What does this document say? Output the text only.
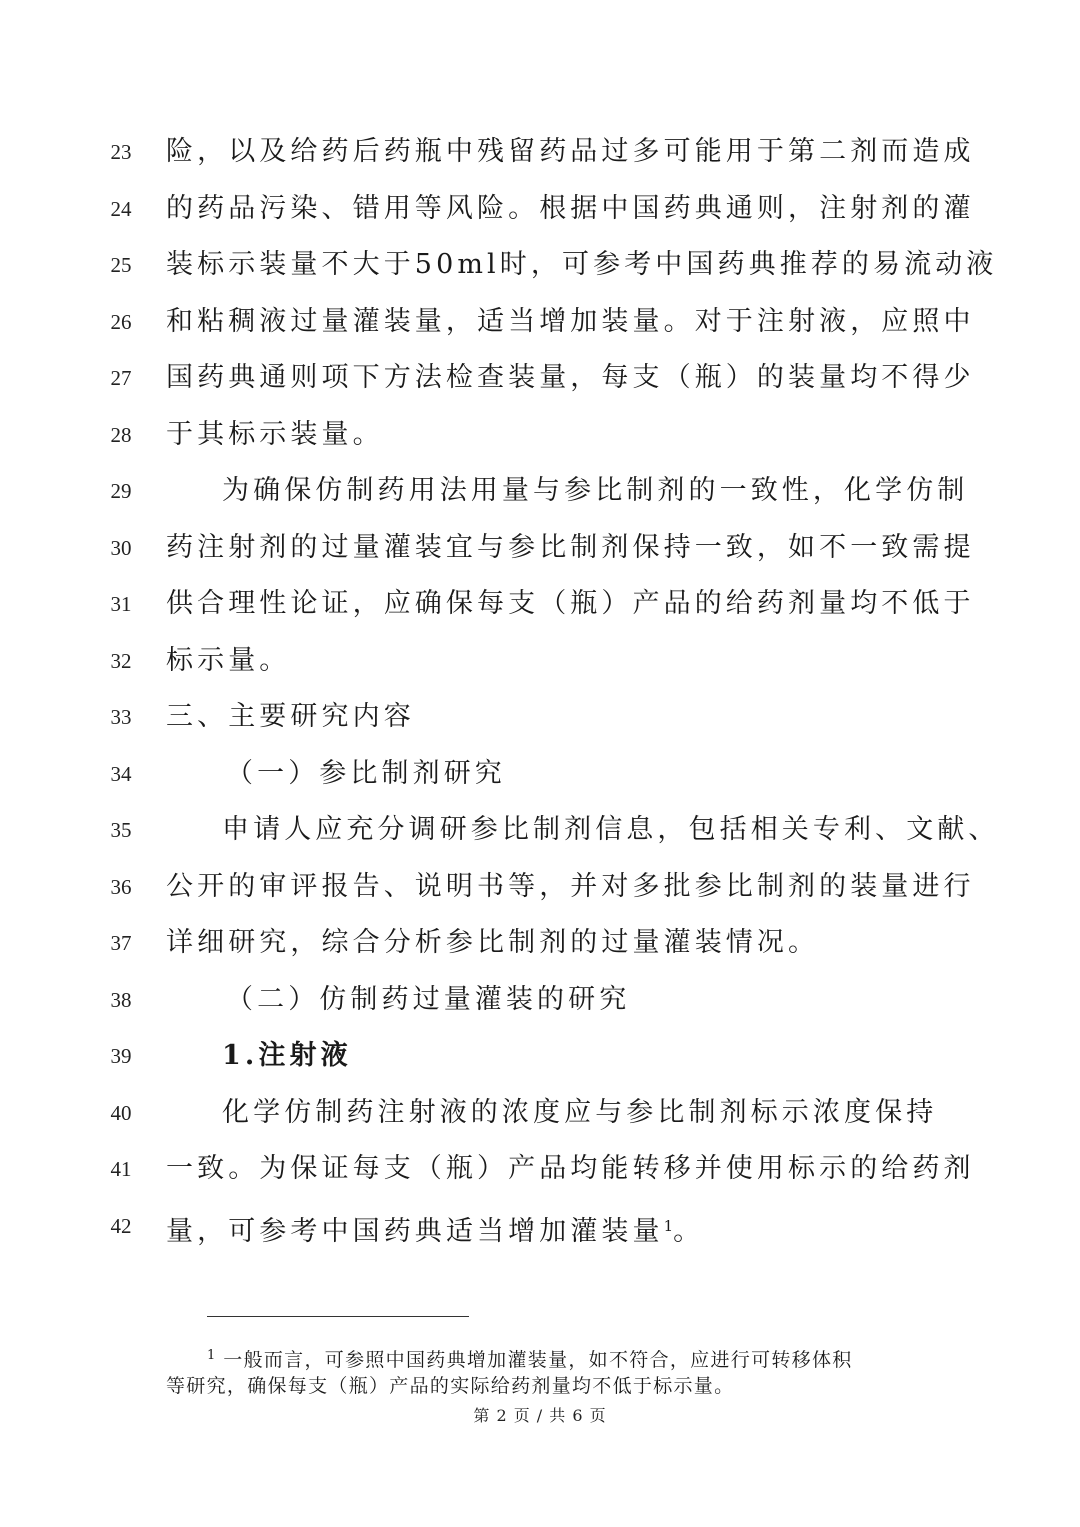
23	险，以及给药后药瓶中残留药品过多可能用于第二剂而造成
24	的药品污染、错用等风险。根据中国药典通则，注射剂的灌
25	装标示装量不大于50ml时，可参考中国药典推荐的易流动液
26	和粘稠液过量灌装量，适当增加装量。对于注射液，应照中
27	国药典通则项下方法检查装量，每支（瓶）的装量均不得少
28	于其标示装量。
29	为确保仿制药用法用量与参比制剂的一致性，化学仿制
30	药注射剂的过量灌装宜与参比制剂保持一致，如不一致需提
31	供合理性论证，应确保每支（瓶）产品的给药剂量均不低于
32	标示量。
33	三、主要研究内容
34	（一）参比制剂研究
35	申请人应充分调研参比制剂信息，包括相关专利、文献、
36	公开的审评报告、说明书等，并对多批参比制剂的装量进行
37	详细研究，综合分析参比制剂的过量灌装情况。
38	（二）仿制药过量灌装的研究
39	1.注射液
40	化学仿制药注射液的浓度应与参比制剂标示浓度保持
41	一致。为保证每支（瓶）产品均能转移并使用标示的给药剂
42	量，可参考中国药典适当增加灌装量$^1$。
$^1$ 一般而言，可参照中国药典增加灌装量，如不符合，应进行可转移体积
等研究，确保每支（瓶）产品的实际给药剂量均不低于标示量。
第 2 页 / 共 6 页
